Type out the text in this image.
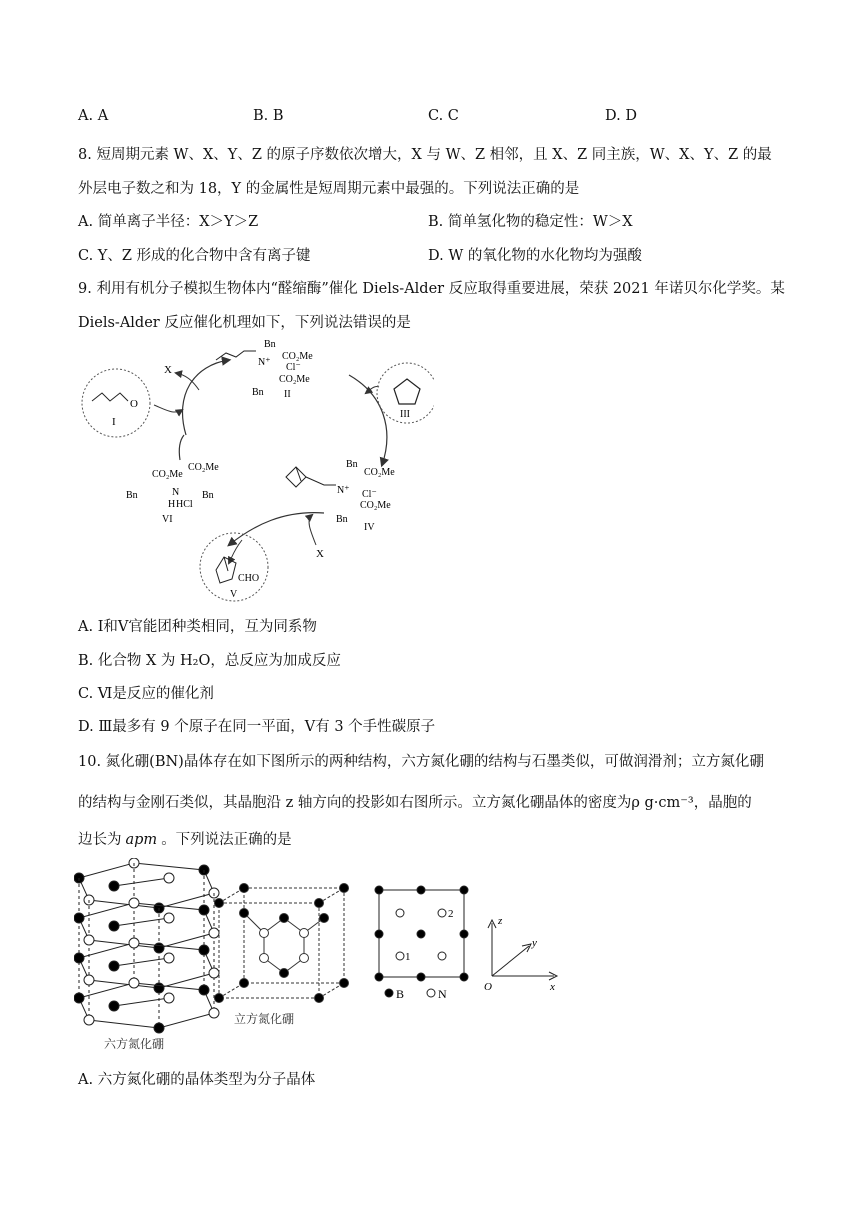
A. A	B. B	C. C	D. D
8. 短周期元素 W、X、Y、Z 的原子序数依次增大，X 与 W、Z 相邻，且 X、Z 同主族，W、X、Y、Z 的最
外层电子数之和为 18，Y 的金属性是短周期元素中最强的。下列说法正确的是
A. 简单离子半径：X＞Y＞Z	B. 简单氢化物的稳定性：W＞X
C. Y、Z 形成的化合物中含有离子键	D. W 的氧化物的水化物均为强酸
9. 利用有机分子模拟生物体内“醛缩酶”催化 Diels-Alder 反应取得重要进展，荣获 2021 年诺贝尔化学奖。某
Diels-Alder 反应催化机理如下，下列说法错误的是
X
X
O
I
N⁺
Bn
CO₂Me
Cl⁻
CO₂Me
Bn II
III
N⁺
Bn
CO₂Me
Cl⁻
CO₂Me
Bn
IV
CO₂Me
CO₂Me
Bn	N Bn
H HCl
VI
CHO
V
A. Ⅰ和Ⅴ官能团种类相同，互为同系物
B. 化合物 X 为 H₂O，总反应为加成反应
C. Ⅵ是反应的催化剂
D. Ⅲ最多有 9 个原子在同一平面，Ⅴ有 3 个手性碳原子
10. 氮化硼(BN)晶体存在如下图所示的两种结构，六方氮化硼的结构与石墨类似，可做润滑剂；立方氮化硼
的结构与金刚石类似，其晶胞沿 z 轴方向的投影如右图所示。立方氮化硼晶体的密度为ρ g·cm⁻³，晶胞的
边长为 apm 。下列说法正确的是
2
1
B	N
z
y
x
O
立方氮化硼
六方氮化硼
A. 六方氮化硼的晶体类型为分子晶体
